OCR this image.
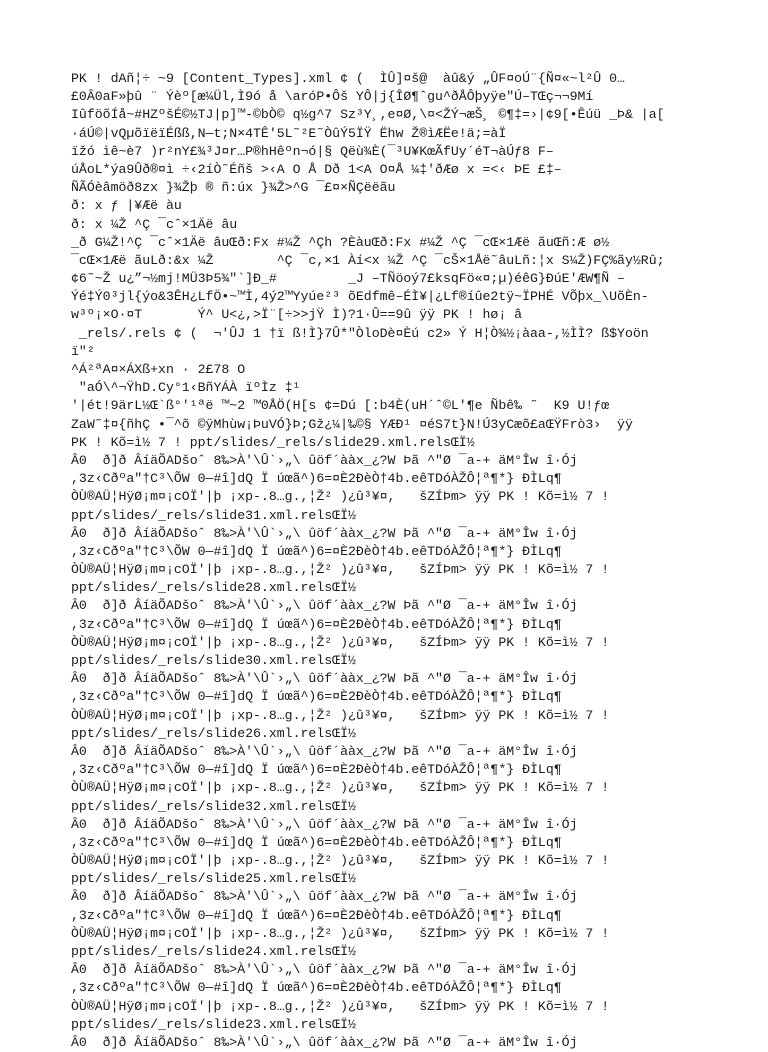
PK ! dAñ¦÷ ~9 [Content_Types].xml ¢ (  ÌÛ]¤š@  àû&ý „ÛF¤oÚ¨{Ñ¤«~l²Û 0…
£0Â0aF»þû ¨ Ýèº[æ¼Ül,Ì9ó å \aróP•Ôš YÔ|j{ÎØ¶ˆgu^ðÅÔþyÿe"Ú–TŒç¬¬9Mí
IûföõÍå~#HZºšÉ©½TJ|p]™-©bÒ© q½g^7 Sz³Y¸,e¤Ø,\¤<ŽÝ¬æŠ¸ ©¶‡=›|¢9[•Êúü _Þ& |a[
·áÚ©|vQµõïëïÉßß,N—t;N×4TÊ'5L˜²E˜ÒûÝ5ÏŸ Ëhw Ž®ìÆËe!ä;=àÏ
ïžó ìê~è7 )r²nY£¾³J¤r…P®hHêºn¬ó|§ Qëù¾È(¯³U¥KœÃfUy´éT¬àÚƒ8 F–
úÅoL*ýa9Ûð®¤ì ÷‹2íÒ˜Éñš >‹A O Å Dð 1<A O¤Å ¼‡'ðÆø x =<‹ ÞE £‡–
ÑÃÓèâmöð8zx }¾Žþ ® ñ:úx }¾Ž>^G ¯£¤×ÑÇëëãu
ð: x ƒ |¥Æë àu
ð: x ¼Ž ^Ç ¯cˆ×1Äë âu
_ð G¼Ž!^Ç ¯cˆ×1Äë âuŒð:Fx #¼Ž ^Çh ?ÈàuŒð:Fx #¼Ž ^Ç ¯cŒ×1Æë ãuŒñ:Æ ø½
¯cŒ×1Æë ãuLð:&x ¼Ž        ^Ç ¯c,×1 Àí<x ¼Ž ^Ç ¯cŠ×1Åë˜âuLñ:¦x S¼Ž)FÇ%ãy½Rû;
¢6˜~Ž u¿”¬½mj!MÜ3Þ5¾"`]Ð_#         _J –TÑöoý7£ksqFö«¤;µ)éêG}ÐúE'ÆW¶Ñ –
Ýé‡Ý0³jl{ýo&3ÊH¿LfÖ•~™Ì,4ý2™Yyúe²³ õEdfmê–ÉÌ¥|¿Lf®íûe2tÿ~ÏPHÉ VÕþx_\UõÈn-
w³º¡×O·¤T       Ý^ U<¿,>Ï¨[÷>>jŸ Ì)?1·Û==9û ÿÿ PK ! hø¡ â
_rels/.rels ¢ (  ¬'ÛJ 1 †ï ß!Ì}7Û*"ÒloDè¤Èú c2» Ý H¦Ò¾½¡àaa-,½ÌÌ? ß$Yoön
ï"²
^Á²ªA¤×ÁXß+xn · 2£78 O
"aÓ\^¬ŸhD.Cy°1‹BñYÁÀ ïºÌz ‡¹
'|ét!9ärL½Œ`ß°'¹ªë ™~2 ™0ÅÖ(H[s ¢=Dú [:b4È(uH´ˆ©L'¶e Ñbê‰ ˜  K9 U!ƒœ
ZaW˜‡¤{ñhÇ •¯^õ ©ÿMhùw¡ÞuVÓ}Þ;Gž¿¼|‰©§ YÆÐ¹ ¤éS7t}N!Ú3yCæõ£aŒŸFrò3›  ÿÿ
PK ! Kõ=ì½ 7 ! ppt/slides/_rels/slide29.xml.relsŒÏ½
Â0  ð]ð ÂíäÕADšoˆ 8‰>À'\Û`›„\ ûöf´ààx_¿?W Þã ^"Ø ¯a-+ äM°Îw î·Ój
,3z‹Cðºa"†C³\ÕW 0—#î]dQ Ï úœã^)6=¤È2ÐèÒ†4b.eêTDóÀŽÔ¦ª¶*} ÐÌLq¶
ÒÙ®AÜ¦HÿØ¡m¤¡cOÏ'|þ ¡xp-.8…g.,¦Ž² )¿û³¥¤,   šZÍÞm> ÿÿ PK ! Kõ=ì½ 7 !
ppt/slides/_rels/slide31.xml.relsŒÏ½
Â0  ð]ð ÂíäÕADšoˆ 8‰>À'\Û`›„\ ûöf´ààx_¿?W Þã ^"Ø ¯a-+ äM°Îw î·Ój
,3z‹Cðºa"†C³\ÕW 0—#î]dQ Ï úœã^)6=¤È2ÐèÒ†4b.eêTDóÀŽÔ¦ª¶*} ÐÌLq¶
ÒÙ®AÜ¦HÿØ¡m¤¡cOÏ'|þ ¡xp-.8…g.,¦Ž² )¿û³¥¤,   šZÍÞm> ÿÿ PK ! Kõ=ì½ 7 !
ppt/slides/_rels/slide28.xml.relsŒÏ½
Â0  ð]ð ÂíäÕADšoˆ 8‰>À'\Û`›„\ ûöf´ààx_¿?W Þã ^"Ø ¯a-+ äM°Îw î·Ój
,3z‹Cðºa"†C³\ÕW 0—#î]dQ Ï úœã^)6=¤È2ÐèÒ†4b.eêTDóÀŽÔ¦ª¶*} ÐÌLq¶
ÒÙ®AÜ¦HÿØ¡m¤¡cOÏ'|þ ¡xp-.8…g.,¦Ž² )¿û³¥¤,   šZÍÞm> ÿÿ PK ! Kõ=ì½ 7 !
ppt/slides/_rels/slide30.xml.relsŒÏ½
Â0  ð]ð ÂíäÕADšoˆ 8‰>À'\Û`›„\ ûöf´ààx_¿?W Þã ^"Ø ¯a-+ äM°Îw î·Ój
,3z‹Cðºa"†C³\ÕW 0—#î]dQ Ï úœã^)6=¤È2ÐèÒ†4b.eêTDóÀŽÔ¦ª¶*} ÐÌLq¶
ÒÙ®AÜ¦HÿØ¡m¤¡cOÏ'|þ ¡xp-.8…g.,¦Ž² )¿û³¥¤,   šZÍÞm> ÿÿ PK ! Kõ=ì½ 7 !
ppt/slides/_rels/slide26.xml.relsŒÏ½
Â0  ð]ð ÂíäÕADšoˆ 8‰>À'\Û`›„\ ûöf´ààx_¿?W Þã ^"Ø ¯a-+ äM°Îw î·Ój
,3z‹Cðºa"†C³\ÕW 0—#î]dQ Ï úœã^)6=¤È2ÐèÒ†4b.eêTDóÀŽÔ¦ª¶*} ÐÌLq¶
ÒÙ®AÜ¦HÿØ¡m¤¡cOÏ'|þ ¡xp-.8…g.,¦Ž² )¿û³¥¤,   šZÍÞm> ÿÿ PK ! Kõ=ì½ 7 !
ppt/slides/_rels/slide32.xml.relsŒÏ½
Â0  ð]ð ÂíäÕADšoˆ 8‰>À'\Û`›„\ ûöf´ààx_¿?W Þã ^"Ø ¯a-+ äM°Îw î·Ój
,3z‹Cðºa"†C³\ÕW 0—#î]dQ Ï úœã^)6=¤È2ÐèÒ†4b.eêTDóÀŽÔ¦ª¶*} ÐÌLq¶
ÒÙ®AÜ¦HÿØ¡m¤¡cOÏ'|þ ¡xp-.8…g.,¦Ž² )¿û³¥¤,   šZÍÞm> ÿÿ PK ! Kõ=ì½ 7 !
ppt/slides/_rels/slide25.xml.relsŒÏ½
Â0  ð]ð ÂíäÕADšoˆ 8‰>À'\Û`›„\ ûöf´ààx_¿?W Þã ^"Ø ¯a-+ äM°Îw î·Ój
,3z‹Cðºa"†C³\ÕW 0—#î]dQ Ï úœã^)6=¤È2ÐèÒ†4b.eêTDóÀŽÔ¦ª¶*} ÐÌLq¶
ÒÙ®AÜ¦HÿØ¡m¤¡cOÏ'|þ ¡xp-.8…g.,¦Ž² )¿û³¥¤,   šZÍÞm> ÿÿ PK ! Kõ=ì½ 7 !
ppt/slides/_rels/slide24.xml.relsŒÏ½
Â0  ð]ð ÂíäÕADšoˆ 8‰>À'\Û`›„\ ûöf´ààx_¿?W Þã ^"Ø ¯a-+ äM°Îw î·Ój
,3z‹Cðºa"†C³\ÕW 0—#î]dQ Ï úœã^)6=¤È2ÐèÒ†4b.eêTDóÀŽÔ¦ª¶*} ÐÌLq¶
ÒÙ®AÜ¦HÿØ¡m¤¡cOÏ'|þ ¡xp-.8…g.,¦Ž² )¿û³¥¤,   šZÍÞm> ÿÿ PK ! Kõ=ì½ 7 !
ppt/slides/_rels/slide23.xml.relsŒÏ½
Â0  ð]ð ÂíäÕADšoˆ 8‰>À'\Û`›„\ ûöf´ààx_¿?W Þã ^"Ø ¯a-+ äM°Îw î·Ój
